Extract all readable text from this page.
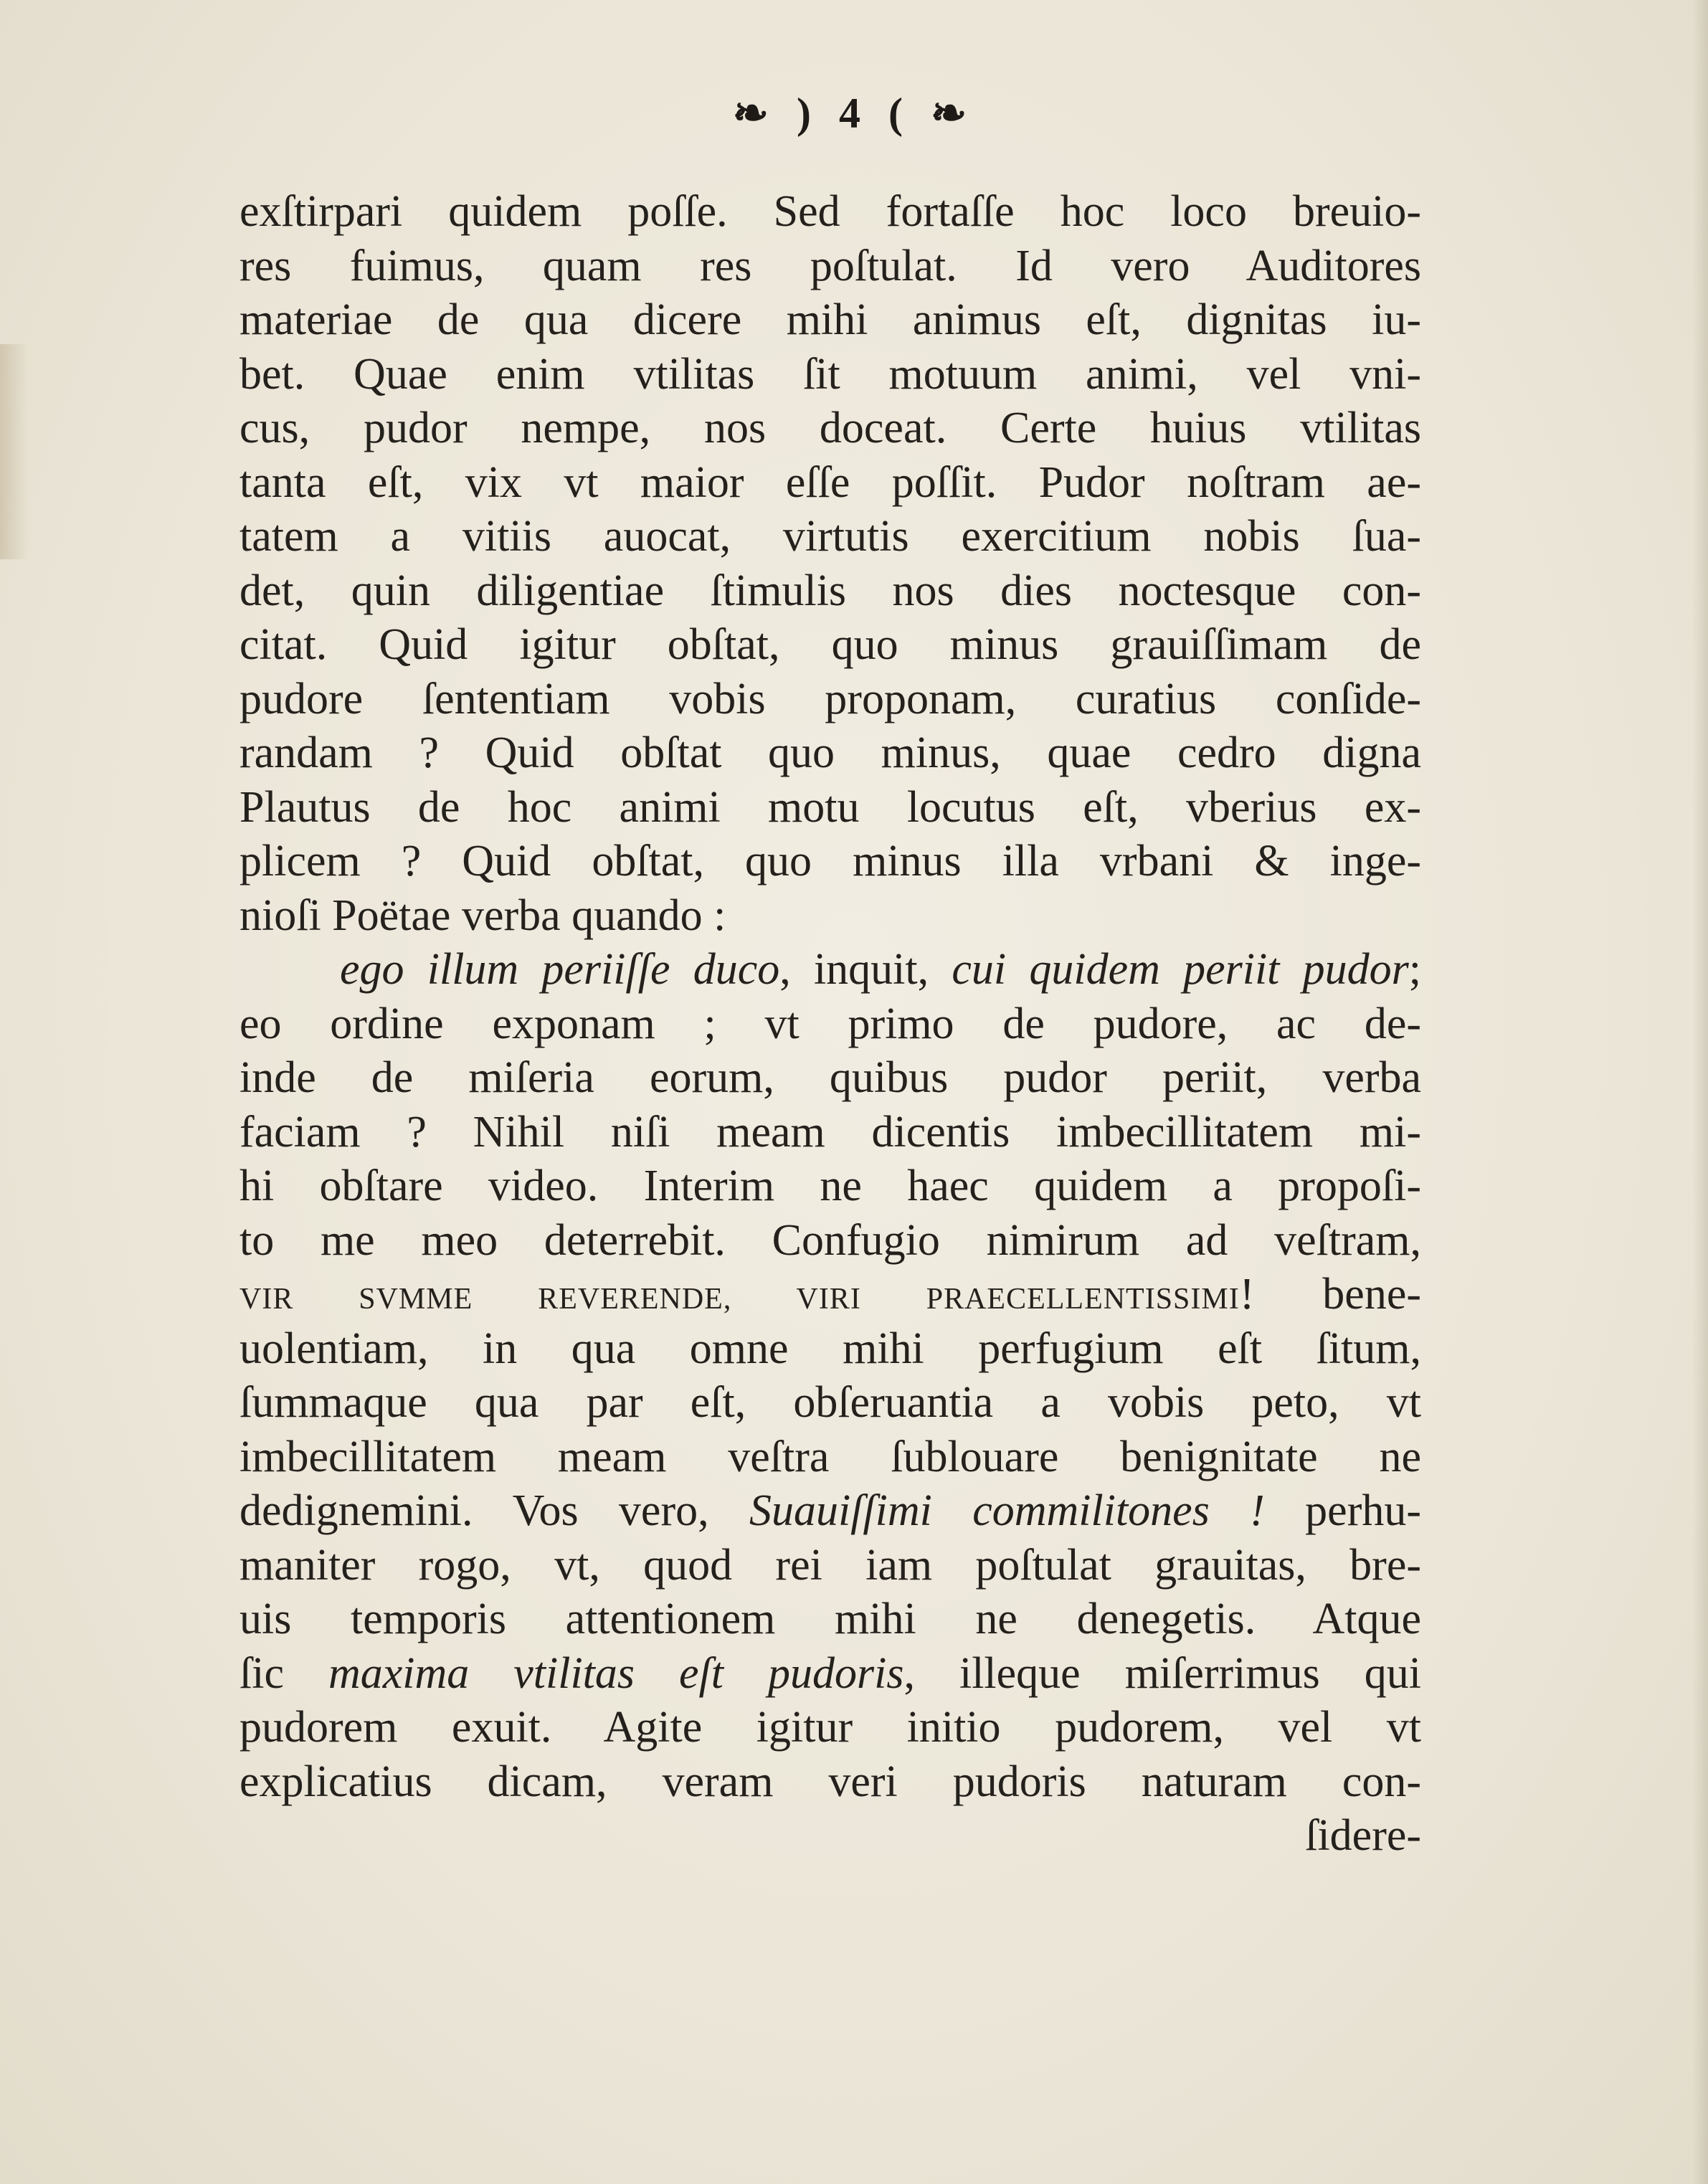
❧ ) 4 ( ❧
exſtirpari quidem poſſe. Sed fortaſſe hoc loco breuio-
res fuimus, quam res poſtulat. Id vero Auditores
materiae de qua dicere mihi animus eſt, dignitas iu-
bet. Quae enim vtilitas ſit motuum animi, vel vni-
cus, pudor nempe, nos doceat. Certe huius vtilitas
tanta eſt, vix vt maior eſſe poſſit. Pudor noſtram ae-
tatem a vitiis auocat, virtutis exercitium nobis ſua-
det, quin diligentiae ſtimulis nos dies noctesque con-
citat. Quid igitur obſtat, quo minus grauiſſimam de
pudore ſententiam vobis proponam, curatius conſide-
randam ? Quid obſtat quo minus, quae cedro digna
Plautus de hoc animi motu locutus eſt, vberius ex-
plicem ? Quid obſtat, quo minus illa vrbani & inge-
nioſi Poëtae verba quando :
ego illum periiſſe duco, inquit, cui quidem periit pudor;
eo ordine exponam ; vt primo de pudore, ac de-
inde de miſeria eorum, quibus pudor periit, verba
faciam ? Nihil niſi meam dicentis imbecillitatem mi-
hi obſtare video. Interim ne haec quidem a propoſi-
to me meo deterrebit. Confugio nimirum ad veſtram,
VIR SVMME REVERENDE, VIRI PRAECELLENTISSIMI! bene-
uolentiam, in qua omne mihi perfugium eſt ſitum,
ſummaque qua par eſt, obſeruantia a vobis peto, vt
imbecillitatem meam veſtra ſublouare benignitate ne
dedignemini. Vos vero, Suauiſſimi commilitones ! perhu-
maniter rogo, vt, quod rei iam poſtulat grauitas, bre-
uis temporis attentionem mihi ne denegetis. Atque
ſic maxima vtilitas eſt pudoris, illeque miſerrimus qui
pudorem exuit. Agite igitur initio pudorem, vel vt
explicatius dicam, veram veri pudoris naturam con-
ſidere-
